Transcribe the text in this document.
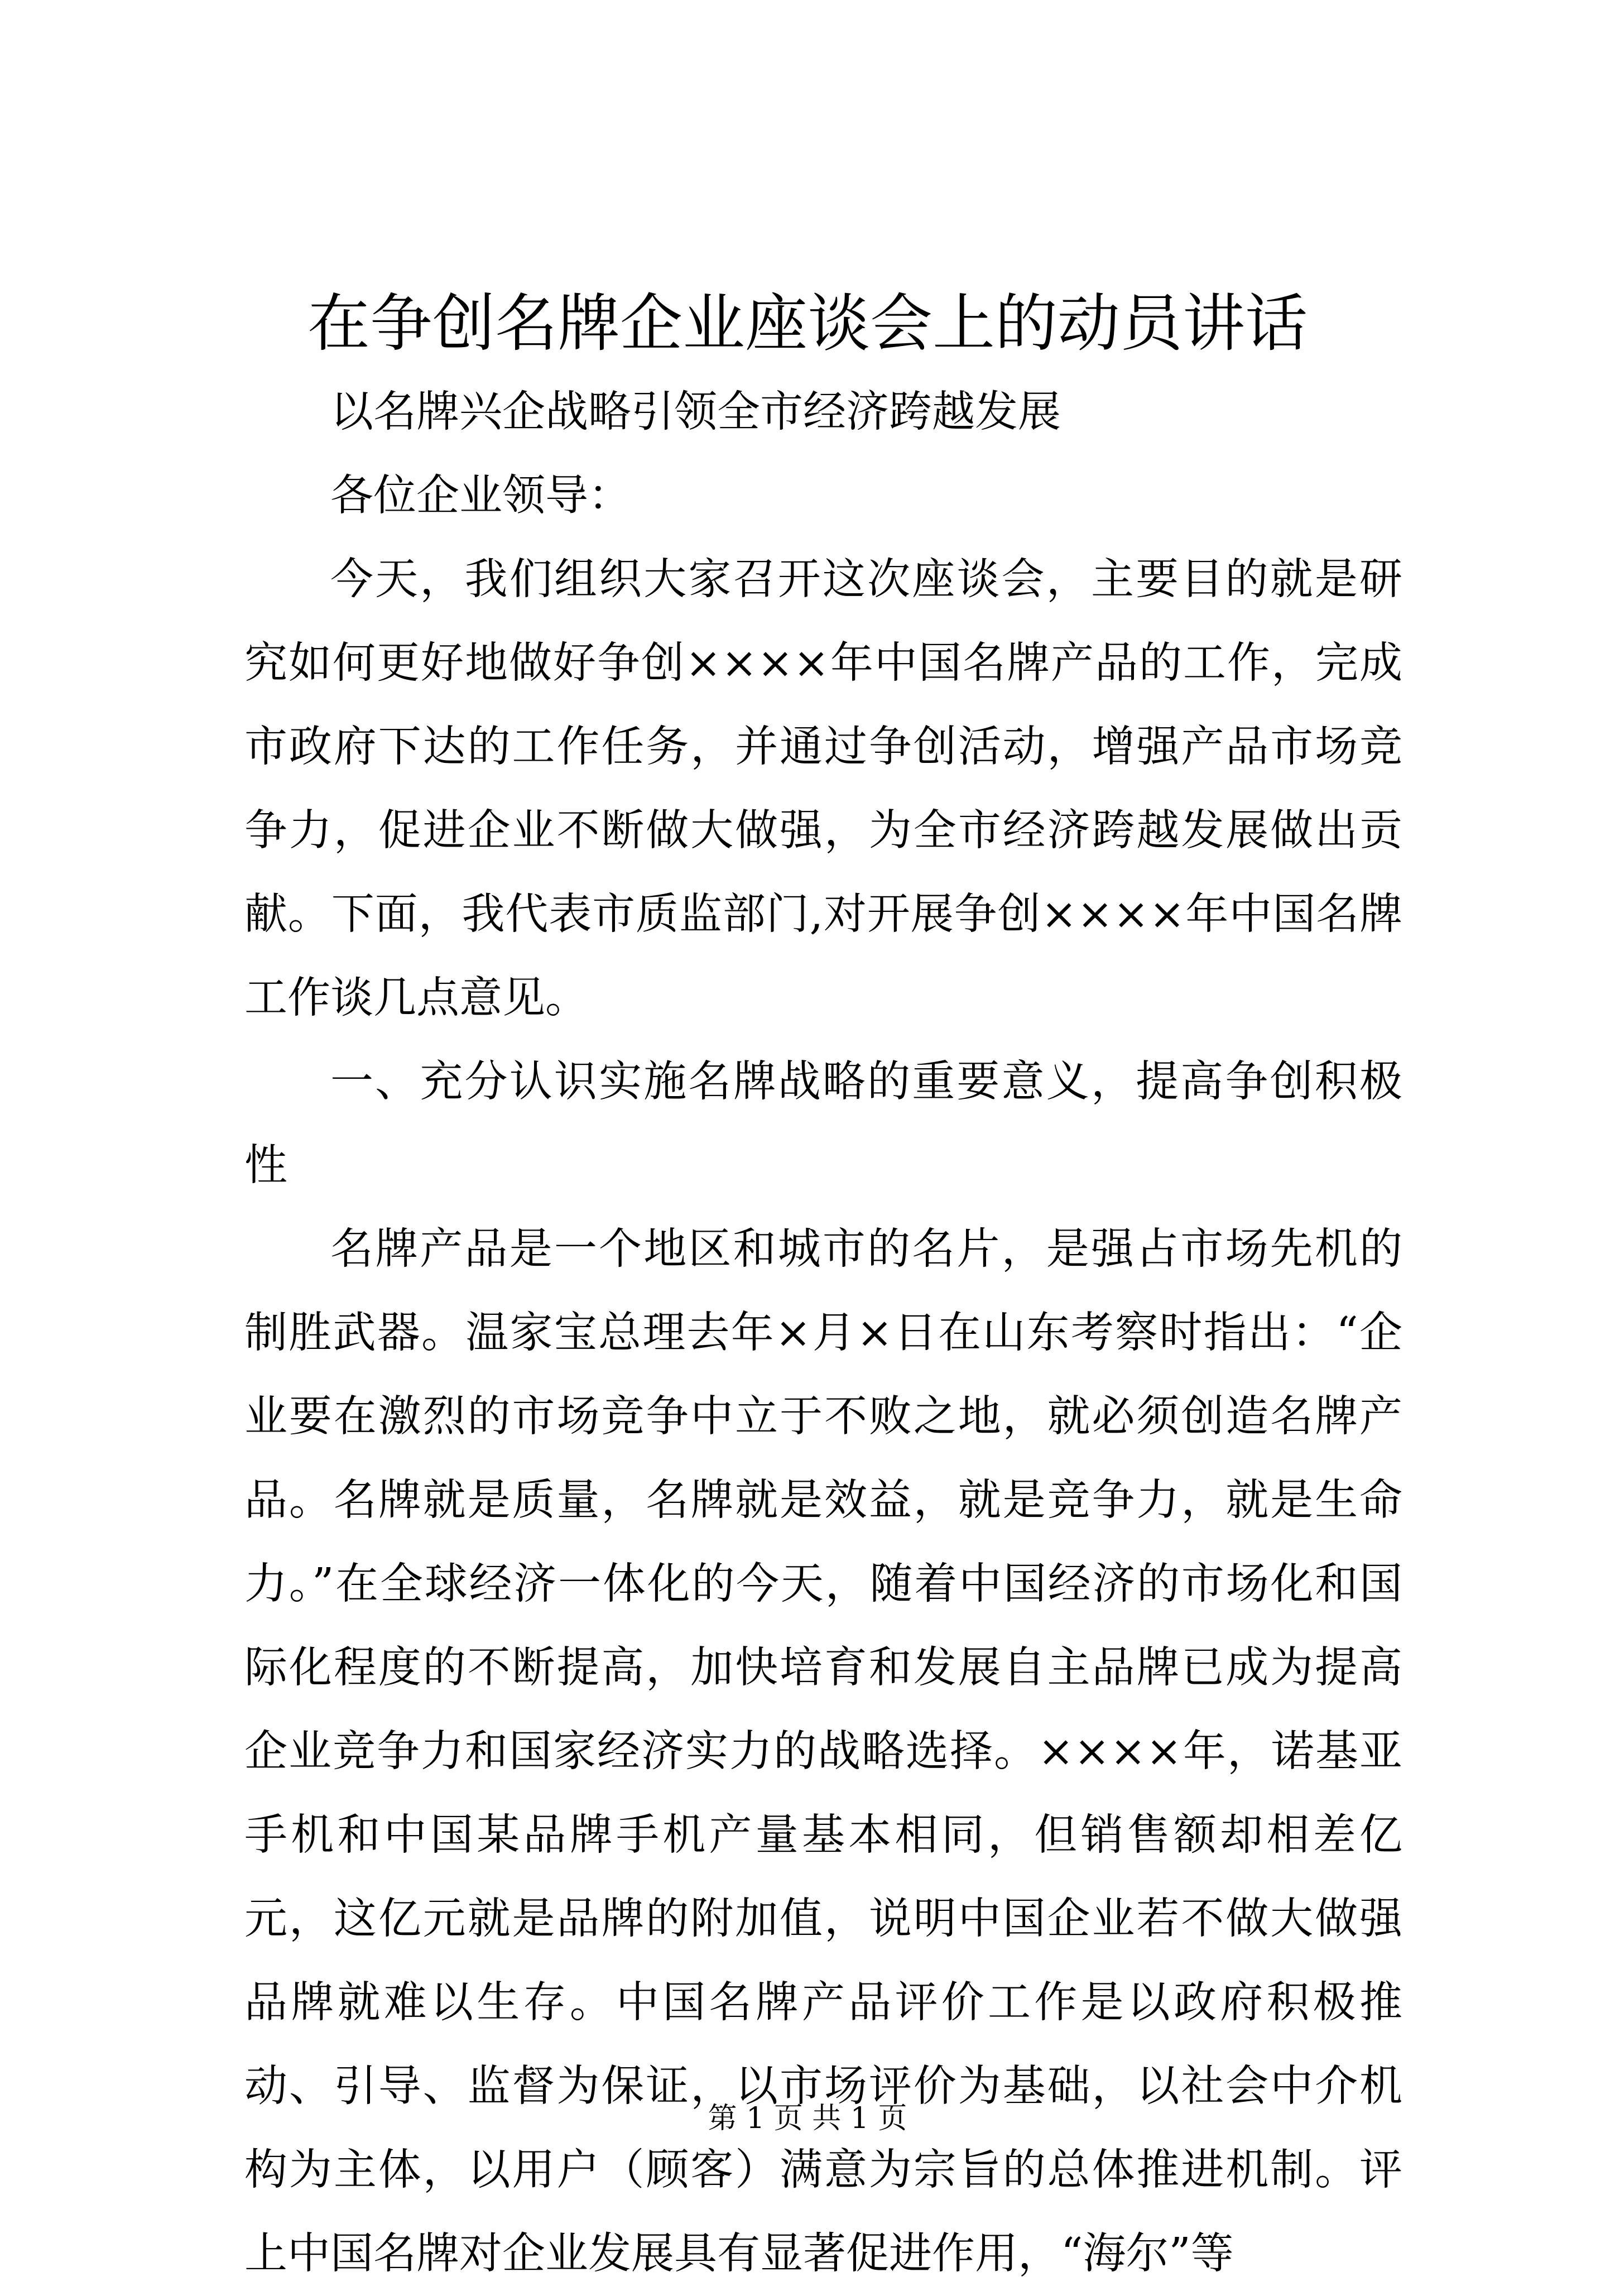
在争创名牌企业座谈会上的动员讲话

以名牌兴企战略引领全市经济跨越发展

各位企业领导：

今天，我们组织大家召开这次座谈会，主要目的就是研究如何更好地做好争创××××年中国名牌产品的工作，完成市政府下达的工作任务，并通过争创活动，增强产品市场竞争力，促进企业不断做大做强，为全市经济跨越发展做出贡献。下面，我代表市质监部门,对开展争创××××年中国名牌工作谈几点意见。

一、充分认识实施名牌战略的重要意义，提高争创积极性

名牌产品是一个地区和城市的名片，是强占市场先机的制胜武器。温家宝总理去年×月×日在山东考察时指出：“企业要在激烈的市场竞争中立于不败之地，就必须创造名牌产品。名牌就是质量，名牌就是效益，就是竞争力，就是生命力。”在全球经济一体化的今天，随着中国经济的市场化和国际化程度的不断提高，加快培育和发展自主品牌已成为提高企业竞争力和国家经济实力的战略选择。××××年，诺基亚手机和中国某品牌手机产量基本相同，但销售额却相差亿元，这亿元就是品牌的附加值，说明中国企业若不做大做强品牌就难以生存。中国名牌产品评价工作是以政府积极推动、引导、监督为保证，以市场评价为基础，以社会中介机构为主体，以用户（顾客）满意为宗旨的总体推进机制。评上中国名牌对企业发展具有显著促进作用，“海尔”等

第 1 页 共 1 页
